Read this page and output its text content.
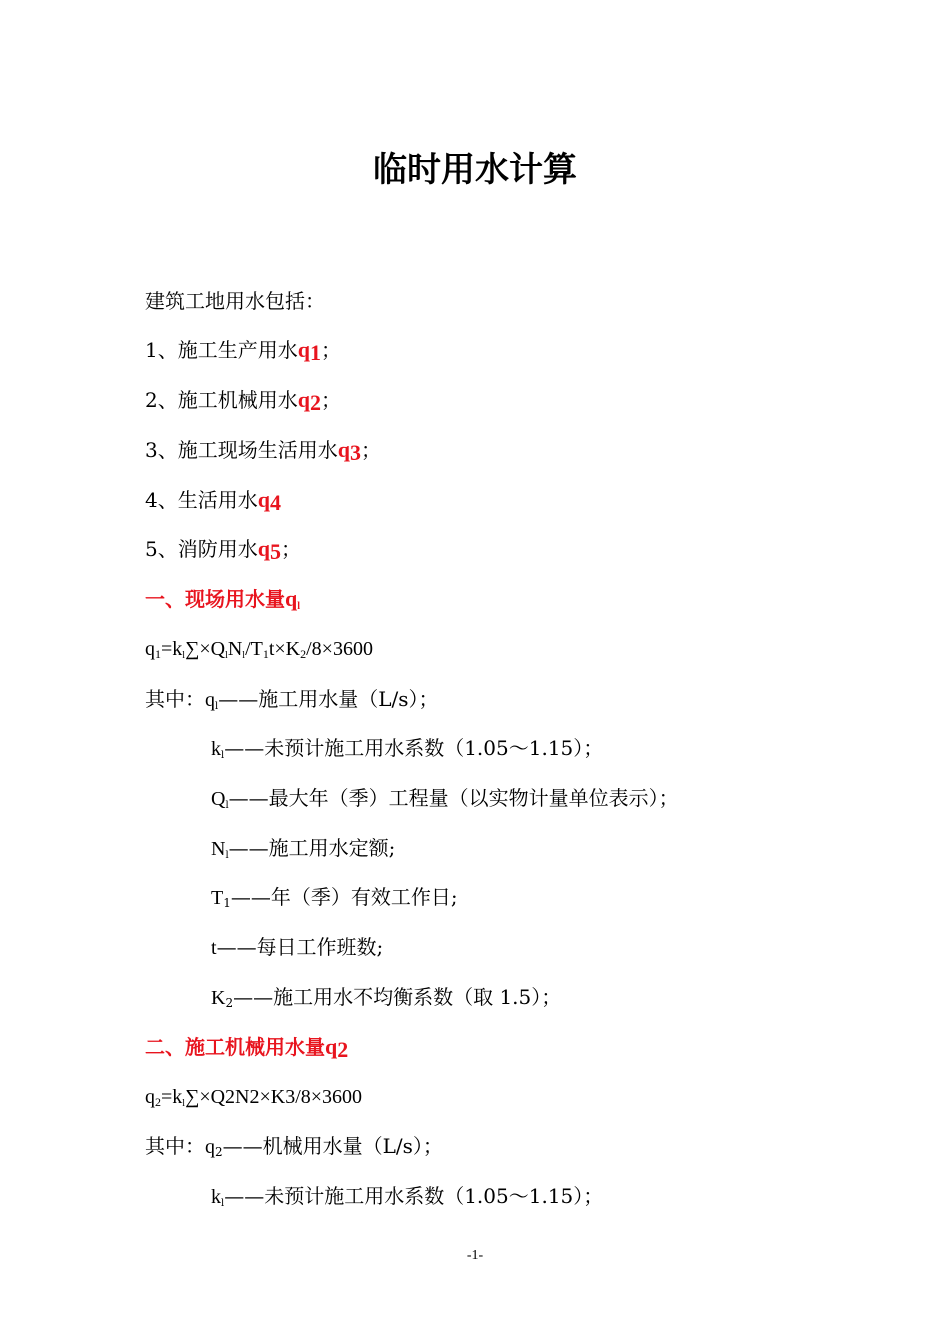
临时用水计算
建筑工地用水包括：
1、施工生产用水$q_1$；
2、施工机械用水$q_2$；
3、施工现场生活用水$q_3$；
4、生活用水$q_4$
5、消防用水$q_5$；
一、现场用水量$q_l$
$q_1=k_l\sum\times Q_lN_l/T_1t\times K_2/8\times 3600$
其中：$q_l——$施工用水量（L/s）；
$k_l——$未预计施工用水系数（1.05～1.15）；
$Q_l——$最大年（季）工程量（以实物计量单位表示）；
$N_l——$施工用水定额;
$T_1——$年（季）有效工作日;
t——每日工作班数;
$K_2——$施工用水不均衡系数（取 1.5）；
二、施工机械用水量$q_2$
$q_2=k_l\sum\times Q2N2\times K3/8\times 3600$
其中：$q_2——$机械用水量（L/s）；
$k_l——$未预计施工用水系数（1.05～1.15）；
-1-
